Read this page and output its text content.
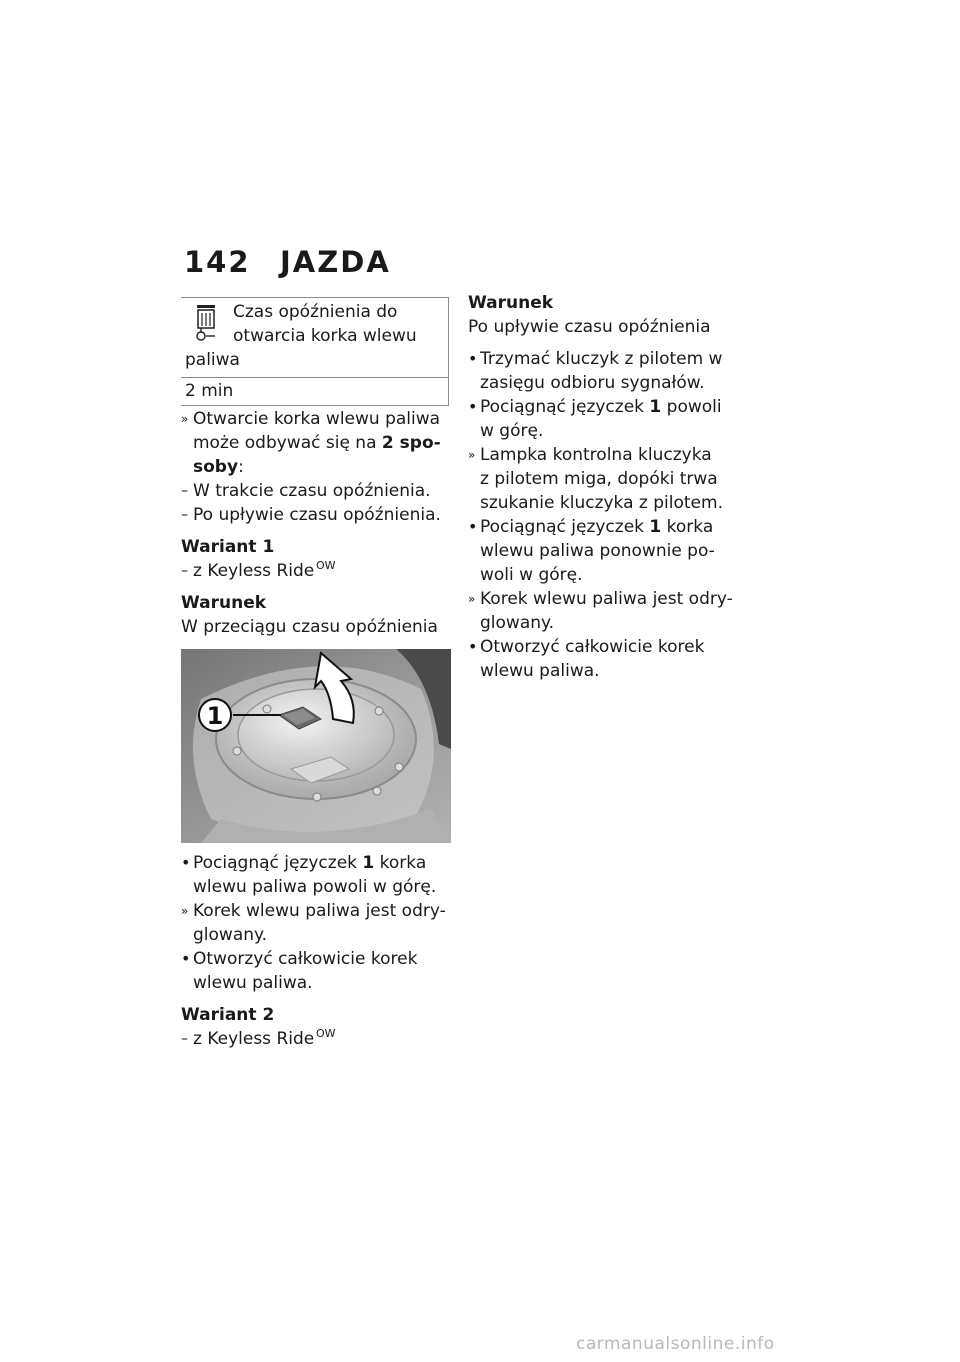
142	JAZDA
Czas opóźnienia do
otwarcia korka wlewu
paliwa
2 min
» Otwarcie korka wlewu paliwa
może odbywać się na 2 spo-
soby:
– W trakcie czasu opóźnienia.
– Po upływie czasu opóźnienia.
Wariant 1
– z Keyless Ride  $^{OW}$
Warunek
W przeciągu czasu opóźnienia
1
• Pociągnąć języczek 1 korka
wlewu paliwa powoli w górę.
» Korek wlewu paliwa jest odry-
glowany.
• Otworzyć całkowicie korek
wlewu paliwa.
Wariant 2
– z Keyless Ride  $^{OW}$
Warunek
Po upływie czasu opóźnienia
• Trzymać kluczyk z pilotem w
zasięgu odbioru sygnałów.
• Pociągnąć języczek 1 powoli
w górę.
» Lampka kontrolna kluczyka
z pilotem miga, dopóki trwa
szukanie kluczyka z pilotem.
• Pociągnąć języczek 1 korka
wlewu paliwa ponownie po-
woli w górę.
» Korek wlewu paliwa jest odry-
glowany.
• Otworzyć całkowicie korek
wlewu paliwa.
carmanualsonline.info
